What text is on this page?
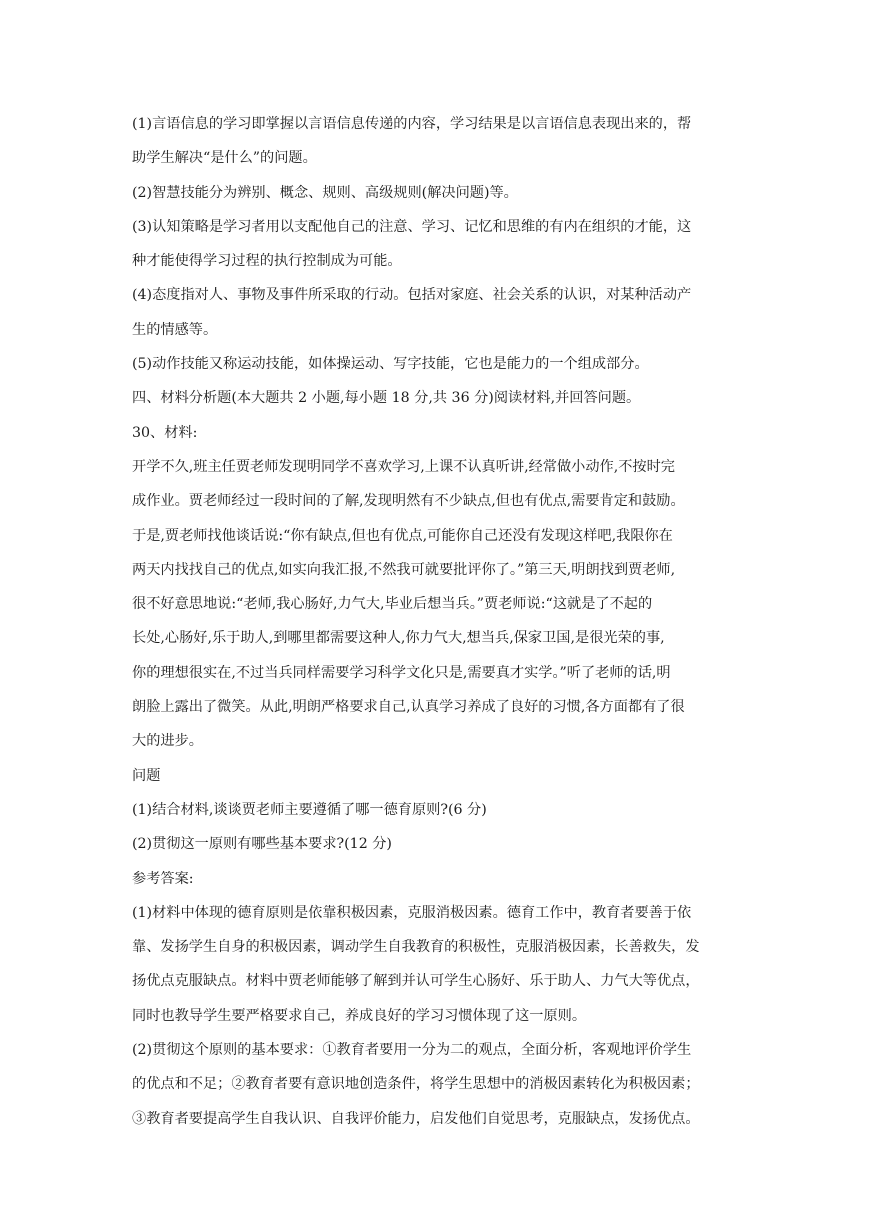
(1)言语信息的学习即掌握以言语信息传递的内容，学习结果是以言语信息表现出来的，帮
助学生解决“是什么”的问题。
(2)智慧技能分为辨别、概念、规则、高级规则(解决问题)等。
(3)认知策略是学习者用以支配他自己的注意、学习、记忆和思维的有内在组织的才能，这
种才能使得学习过程的执行控制成为可能。
(4)态度指对人、事物及事件所采取的行动。包括对家庭、社会关系的认识，对某种活动产
生的情感等。
(5)动作技能又称运动技能，如体操运动、写字技能，它也是能力的一个组成部分。
四、材料分析题(本大题共 2 小题,每小题 18 分,共 36 分)阅读材料,并回答问题。
30、材料:
开学不久,班主任贾老师发现明同学不喜欢学习,上课不认真听讲,经常做小动作,不按时完
成作业。贾老师经过一段时间的了解,发现明然有不少缺点,但也有优点,需要肯定和鼓励。
于是,贾老师找他谈话说:“你有缺点,但也有优点,可能你自己还没有发现这样吧,我限你在
两天内找找自己的优点,如实向我汇报,不然我可就要批评你了。”第三天,明朗找到贾老师,
很不好意思地说:“老师,我心肠好,力气大,毕业后想当兵。”贾老师说:“这就是了不起的
长处,心肠好,乐于助人,到哪里都需要这种人,你力气大,想当兵,保家卫国,是很光荣的事,
你的理想很实在,不过当兵同样需要学习科学文化只是,需要真才实学。”听了老师的话,明
朗脸上露出了微笑。从此,明朗严格要求自己,认真学习养成了良好的习惯,各方面都有了很
大的进步。
问题
(1)结合材料,谈谈贾老师主要遵循了哪一德育原则?(6 分)
(2)贯彻这一原则有哪些基本要求?(12 分)
参考答案:
(1)材料中体现的德育原则是依靠积极因素，克服消极因素。德育工作中，教育者要善于依
靠、发扬学生自身的积极因素，调动学生自我教育的积极性，克服消极因素，长善救失，发
扬优点克服缺点。材料中贾老师能够了解到并认可学生心肠好、乐于助人、力气大等优点，
同时也教导学生要严格要求自己，养成良好的学习习惯体现了这一原则。
(2)贯彻这个原则的基本要求：①教育者要用一分为二的观点，全面分析，客观地评价学生
的优点和不足；②教育者要有意识地创造条件，将学生思想中的消极因素转化为积极因素；
③教育者要提高学生自我认识、自我评价能力，启发他们自觉思考，克服缺点，发扬优点。
